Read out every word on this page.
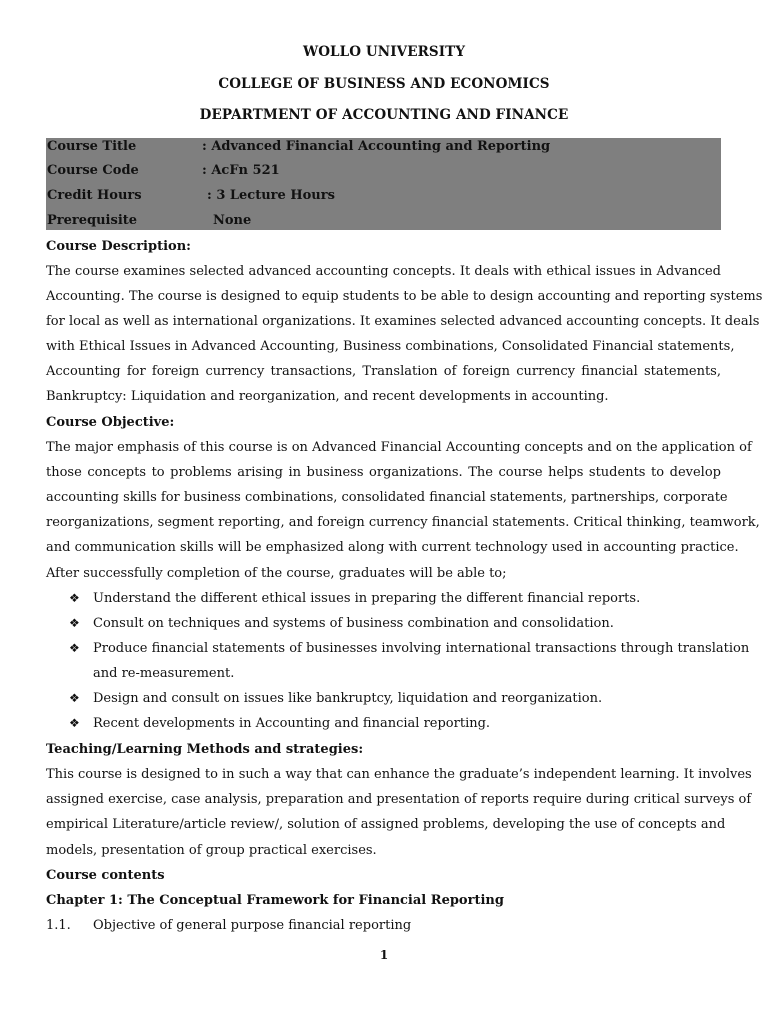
WOLLO UNIVERSITY
COLLEGE OF BUSINESS AND ECONOMICS
DEPARTMENT OF ACCOUNTING AND FINANCE
Course Title	: Advanced Financial Accounting and Reporting
Course Code	: AcFn 521
Credit Hours	: 3 Lecture Hours
Prerequisite	None
Course Description:
The course examines selected advanced accounting concepts. It deals with ethical issues in Advanced
Accounting. The course is designed to equip students to be able to design accounting and reporting systems
for local as well as international organizations. It examines selected advanced accounting concepts. It deals
with Ethical Issues in Advanced Accounting, Business combinations, Consolidated Financial statements,
Accounting for foreign currency transactions, Translation of foreign currency financial statements,
Bankruptcy: Liquidation and reorganization, and recent developments in accounting.
Course Objective:
The major emphasis of this course is on Advanced Financial Accounting concepts and on the application of
those concepts to problems arising in business organizations. The course helps students to develop
accounting skills for business combinations, consolidated financial statements, partnerships, corporate
reorganizations, segment reporting, and foreign currency financial statements. Critical thinking, teamwork,
and communication skills will be emphasized along with current technology used in accounting practice.
After successfully completion of the course, graduates will be able to;
❖ Understand the different ethical issues in preparing the different financial reports.
❖ Consult on techniques and systems of business combination and consolidation.
❖ Produce financial statements of businesses involving international transactions through translation
and re-measurement.
❖ Design and consult on issues like bankruptcy, liquidation and reorganization.
❖ Recent developments in Accounting and financial reporting.
Teaching/Learning Methods and strategies:
This course is designed to in such a way that can enhance the graduate’s independent learning. It involves
assigned exercise, case analysis, preparation and presentation of reports require during critical surveys of
empirical Literature/article review/, solution of assigned problems, developing the use of concepts and
models, presentation of group practical exercises.
Course contents
Chapter 1: The Conceptual Framework for Financial Reporting
1.1. Objective of general purpose financial reporting
1
